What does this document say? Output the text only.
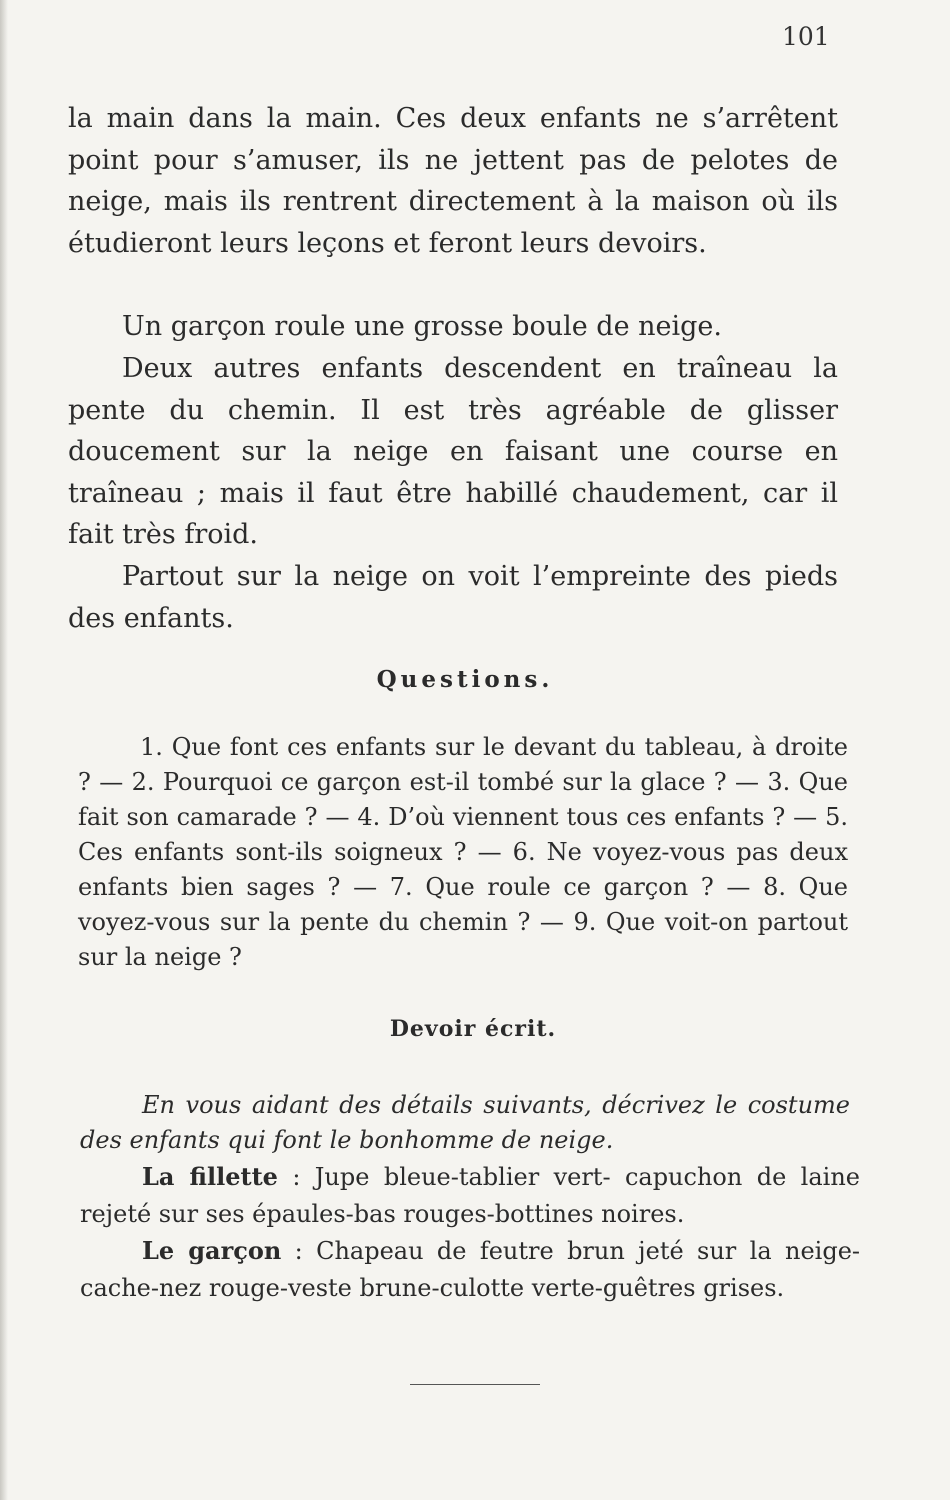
101

la main dans la main. Ces deux enfants ne s’arrêtent point pour s’amuser, ils ne jettent pas de pelotes de neige, mais ils rentrent directement à la maison où ils étudieront leurs leçons et feront leurs devoirs.

Un garçon roule une grosse boule de neige.

Deux autres enfants descendent en traîneau la pente du chemin. Il est très agréable de glisser doucement sur la neige en faisant une course en traîneau ; mais il faut être habillé chaudement, car il fait très froid.

Partout sur la neige on voit l’empreinte des pieds des enfants.

Questions.

1. Que font ces enfants sur le devant du tableau, à droite ? — 2. Pourquoi ce garçon est-il tombé sur la glace ? — 3. Que fait son camarade ? — 4. D’où viennent tous ces enfants ? — 5. Ces enfants sont-ils soigneux ? — 6. Ne voyez-vous pas deux enfants bien sages ? — 7. Que roule ce garçon ? — 8. Que voyez-vous sur la pente du chemin ? — 9. Que voit-on partout sur la neige ?

Devoir écrit.

En vous aidant des détails suivants, décrivez le costume des enfants qui font le bonhomme de neige.

La fillette : Jupe bleue-tablier vert- capuchon de laine rejeté sur ses épaules-bas rouges-bottines noires.

Le garçon : Chapeau de feutre brun jeté sur la neige-cache-nez rouge-veste brune-culotte verte-guêtres grises.
